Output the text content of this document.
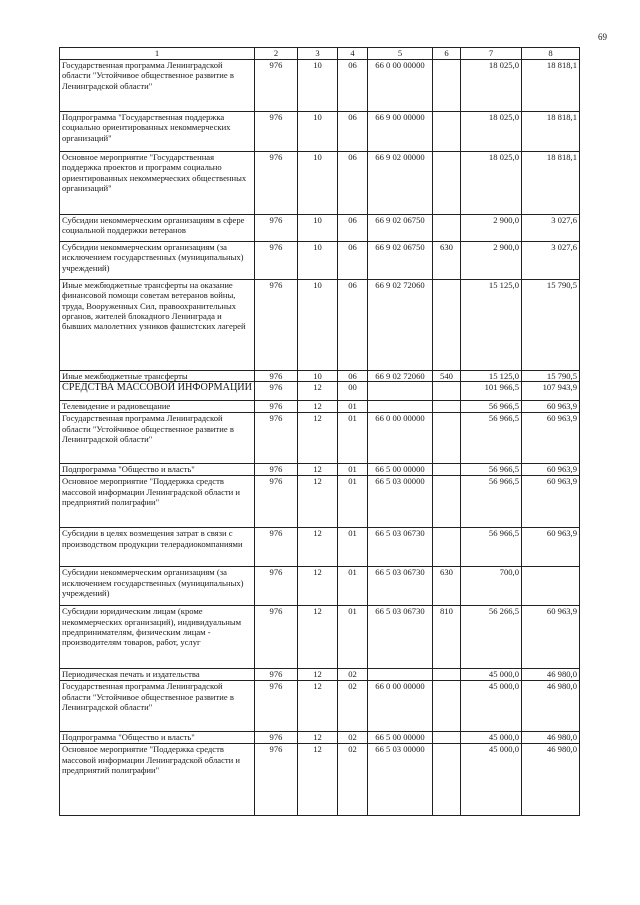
69
1	2	3	4	5	6	7	8
Государственная программа Ленинградской области "Устойчивое общественное развитие в Ленинградской области"	976	10	06	66 0 00 00000		18 025,0	18 818,1
Подпрограмма "Государственная поддержка социально ориентированных некоммерческих организаций"	976	10	06	66 9 00 00000		18 025,0	18 818,1
Основное мероприятие "Государственная поддержка проектов и программ социально ориентированных некоммерческих общественных организаций"	976	10	06	66 9 02 00000		18 025,0	18 818,1
Субсидии некоммерческим организациям в сфере социальной поддержки ветеранов	976	10	06	66 9 02 06750		2 900,0	3 027,6
Субсидии некоммерческим организациям (за исключением государственных (муниципальных) учреждений)	976	10	06	66 9 02 06750	630	2 900,0	3 027,6
Иные межбюджетные трансферты на оказание финансовой помощи советам ветеранов войны, труда, Вооруженных Сил, правоохранительных органов, жителей блокадного Ленинграда и бывших малолетних узников фашистских лагерей	976	10	06	66 9 02 72060		15 125,0	15 790,5
Иные межбюджетные трансферты	976	10	06	66 9 02 72060	540	15 125,0	15 790,5
СРЕДСТВА МАССОВОЙ ИНФОРМАЦИИ	976	12	00			101 966,5	107 943,9
Телевидение и радиовещание	976	12	01			56 966,5	60 963,9
Государственная программа Ленинградской области "Устойчивое общественное развитие в Ленинградской области"	976	12	01	66 0 00 00000		56 966,5	60 963,9
Подпрограмма "Общество и власть"	976	12	01	66 5 00 00000		56 966,5	60 963,9
Основное мероприятие "Поддержка средств массовой информации Ленинградской области и предприятий полиграфии"	976	12	01	66 5 03 00000		56 966,5	60 963,9
Субсидии в целях возмещения затрат в связи с производством продукции телерадиокомпаниями	976	12	01	66 5 03 06730		56 966,5	60 963,9
Субсидии некоммерческим организациям (за исключением государственных (муниципальных) учреждений)	976	12	01	66 5 03 06730	630	700,0	
Субсидии юридическим лицам (кроме некоммерческих организаций), индивидуальным предпринимателям, физическим лицам - производителям товаров, работ, услуг	976	12	01	66 5 03 06730	810	56 266,5	60 963,9
Периодическая печать и издательства	976	12	02			45 000,0	46 980,0
Государственная программа Ленинградской области "Устойчивое общественное развитие в Ленинградской области"	976	12	02	66 0 00 00000		45 000,0	46 980,0
Подпрограмма "Общество и власть"	976	12	02	66 5 00 00000		45 000,0	46 980,0
Основное мероприятие "Поддержка средств массовой информации Ленинградской области и предприятий полиграфии"	976	12	02	66 5 03 00000		45 000,0	46 980,0
